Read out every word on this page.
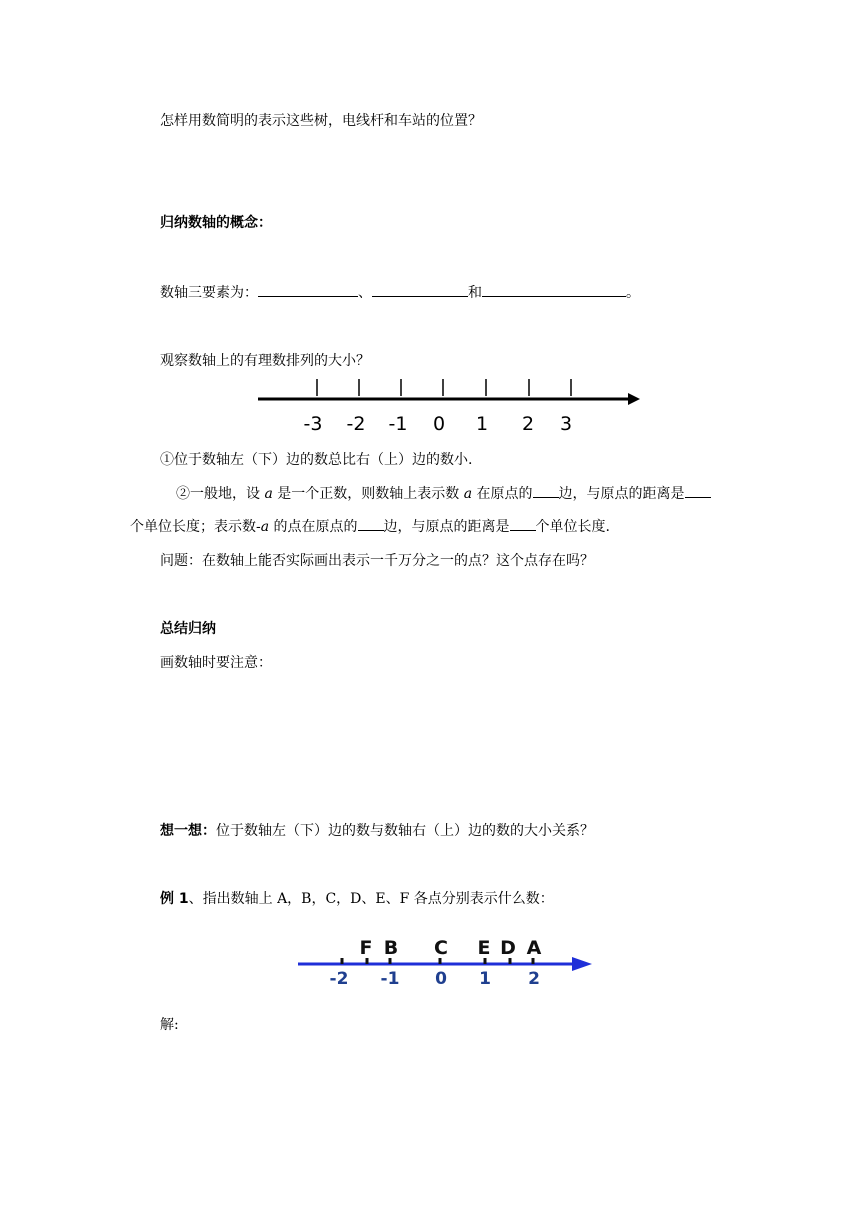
怎样用数简明的表示这些树，电线杆和车站的位置？
归纳数轴的概念：
数轴三要素为：	、	和	。
观察数轴上的有理数排列的大小？
-3 -2 -1 0 1 2 3
①位于数轴左（下）边的数总比右（上）边的数小.
②一般地，设 a 是一个正数，则数轴上表示数 a 在原点的 边，与原点的距离是
个单位长度；表示数-a 的点在原点的 边，与原点的距离是 个单位长度.
问题：在数轴上能否实际画出表示一千万分之一的点？这个点存在吗？
总结归纳
画数轴时要注意：
想一想：位于数轴左（下）边的数与数轴右（上）边的数的大小关系？
例 1、指出数轴上 A，B，C，D、E、F 各点分别表示什么数：
-2 -1 0 1 2
F B C E D A
解:
